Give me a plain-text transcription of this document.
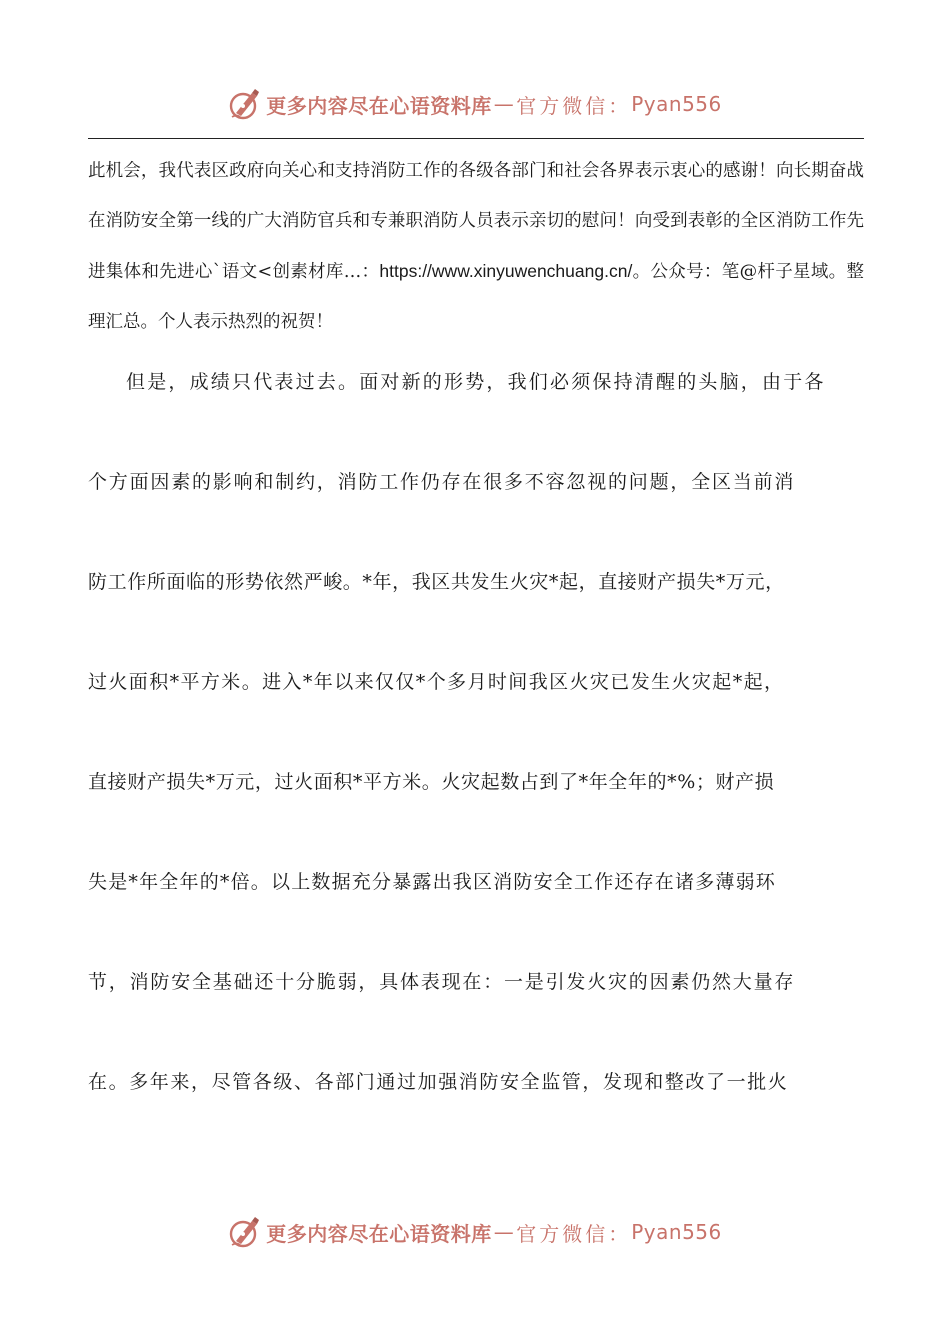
更多内容尽在心语资料库 — 官方微信： Pyan556

此机会，我代表区政府向关心和支持消防工作的各级各部门和社会各界表示衷心的感谢！向长期奋战在消防安全第一线的广大消防官兵和专兼职消防人员表示亲切的慰问！向受到表彰的全区消防工作先进集体和先进心`语文<创素材库…：https://www.xinyuwenchuang.cn/。公众号：笔@杆子星域。整理汇总。个人表示热烈的祝贺！

但是，成绩只代表过去。面对新的形势，我们必须保持清醒的头脑，由于各
个方面因素的影响和制约，消防工作仍存在很多不容忽视的问题，全区当前消
防工作所面临的形势依然严峻。*年，我区共发生火灾*起，直接财产损失*万元，
过火面积*平方米。进入*年以来仅仅*个多月时间我区火灾已发生火灾起*起，
直接财产损失*万元，过火面积*平方米。火灾起数占到了*年全年的*%；财产损
失是*年全年的*倍。以上数据充分暴露出我区消防安全工作还存在诸多薄弱环
节，消防安全基础还十分脆弱，具体表现在：一是引发火灾的因素仍然大量存
在。多年来，尽管各级、各部门通过加强消防安全监管，发现和整改了一批火
更多内容尽在心语资料库 — 官方微信： Pyan556
